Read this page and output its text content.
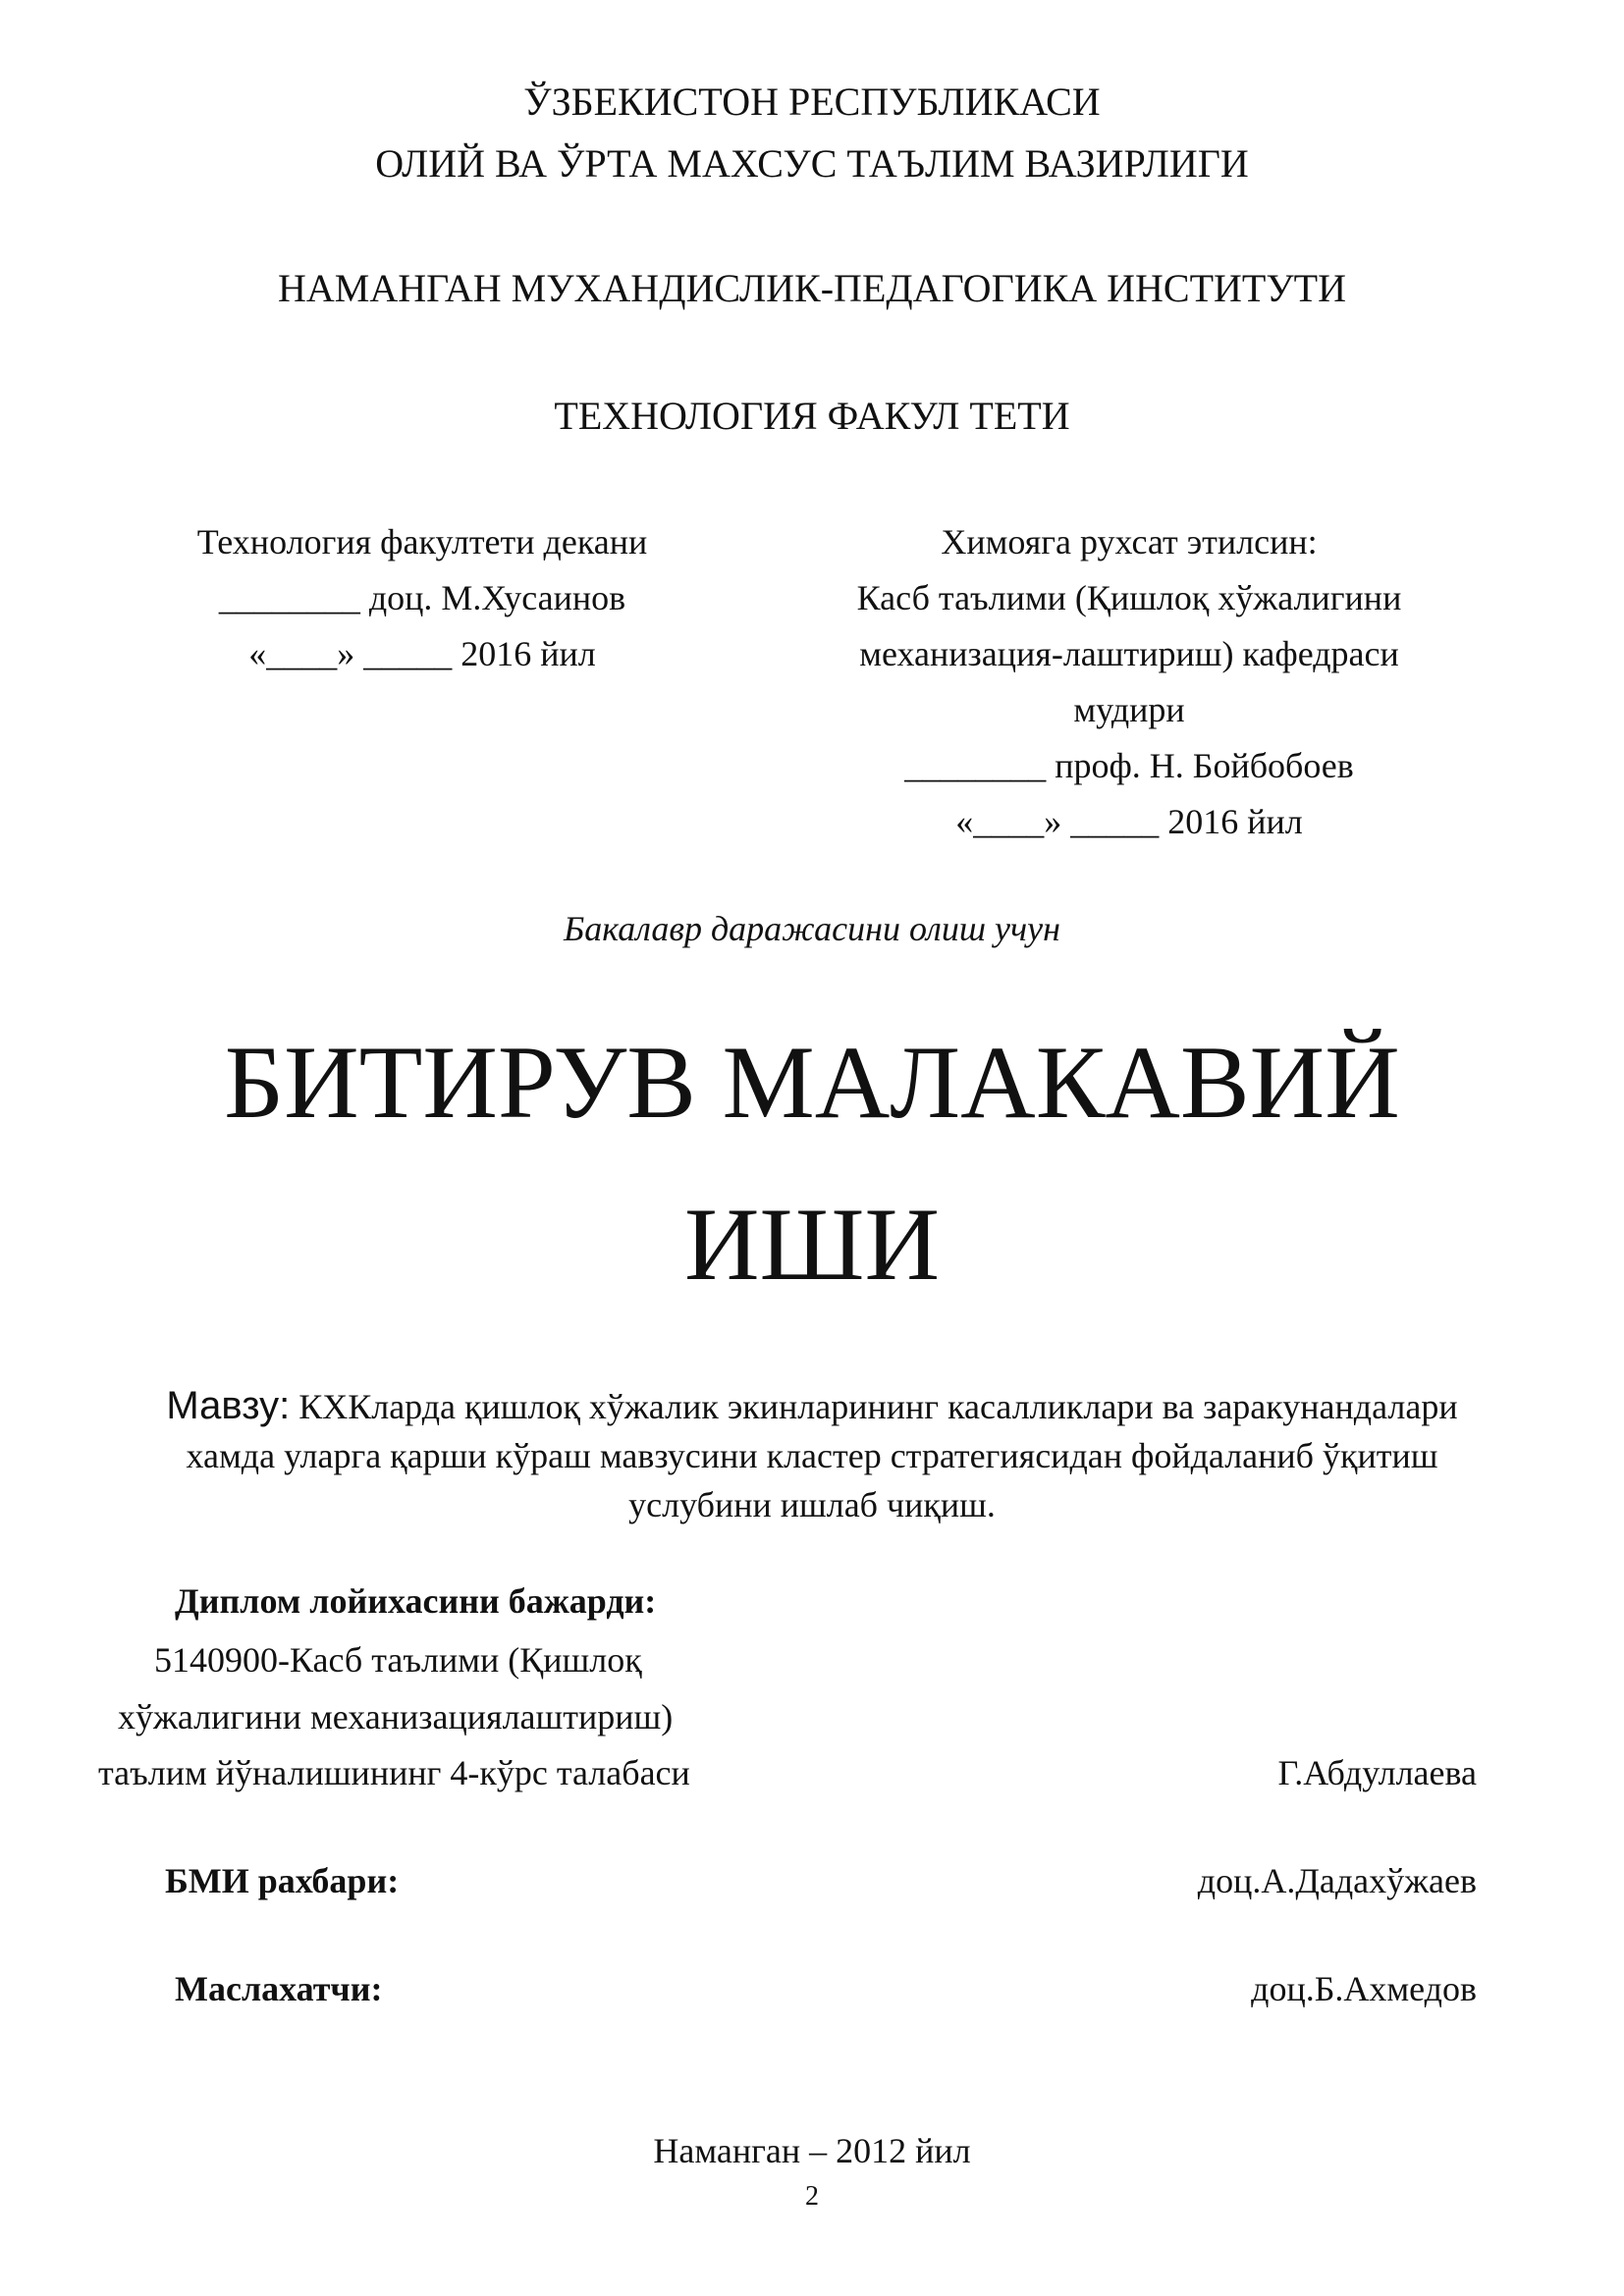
ЎЗБЕКИСТОН РЕСПУБЛИКАСИ
ОЛИЙ ВА ЎРТА МАХСУС ТАЪЛИМ ВАЗИРЛИГИ
НАМАНГАН МУХАНДИСЛИК-ПЕДАГОГИКА ИНСТИТУТИ
ТЕХНОЛОГИЯ ФАКУЛ ТЕТИ
Технология факултети декани
________ доц. М.Хусаинов
«____» _____ 2016 йил
Химояга рухсат этилсин:
Касб таълими (Қишлоқ хўжалигини
механизация-лаштириш) кафедраси
мудири
________ проф. Н. Бойбобоев
«____» _____ 2016 йил
Бакалавр даражасини олиш учун
БИТИРУВ МАЛАКАВИЙ
ИШИ
Мавзу: КХКларда қишлоқ хўжалик экинларининг касалликлари ва заракунандалари
хамда уларга қарши кўраш мавзусини кластер стратегиясидан фойдаланиб ўқитиш
услубини ишлаб чиқиш.
Диплом лойихасини бажарди:
5140900-Касб таълими (Қишлоқ
хўжалигини механизациялаштириш)
таълим йўналишининг 4-кўрс талабаси	Г.Абдуллаева
БМИ рахбари:	доц.А.Дадахўжаев
Маслахатчи:	доц.Б.Ахмедов
Наманган – 2012 йил
2
